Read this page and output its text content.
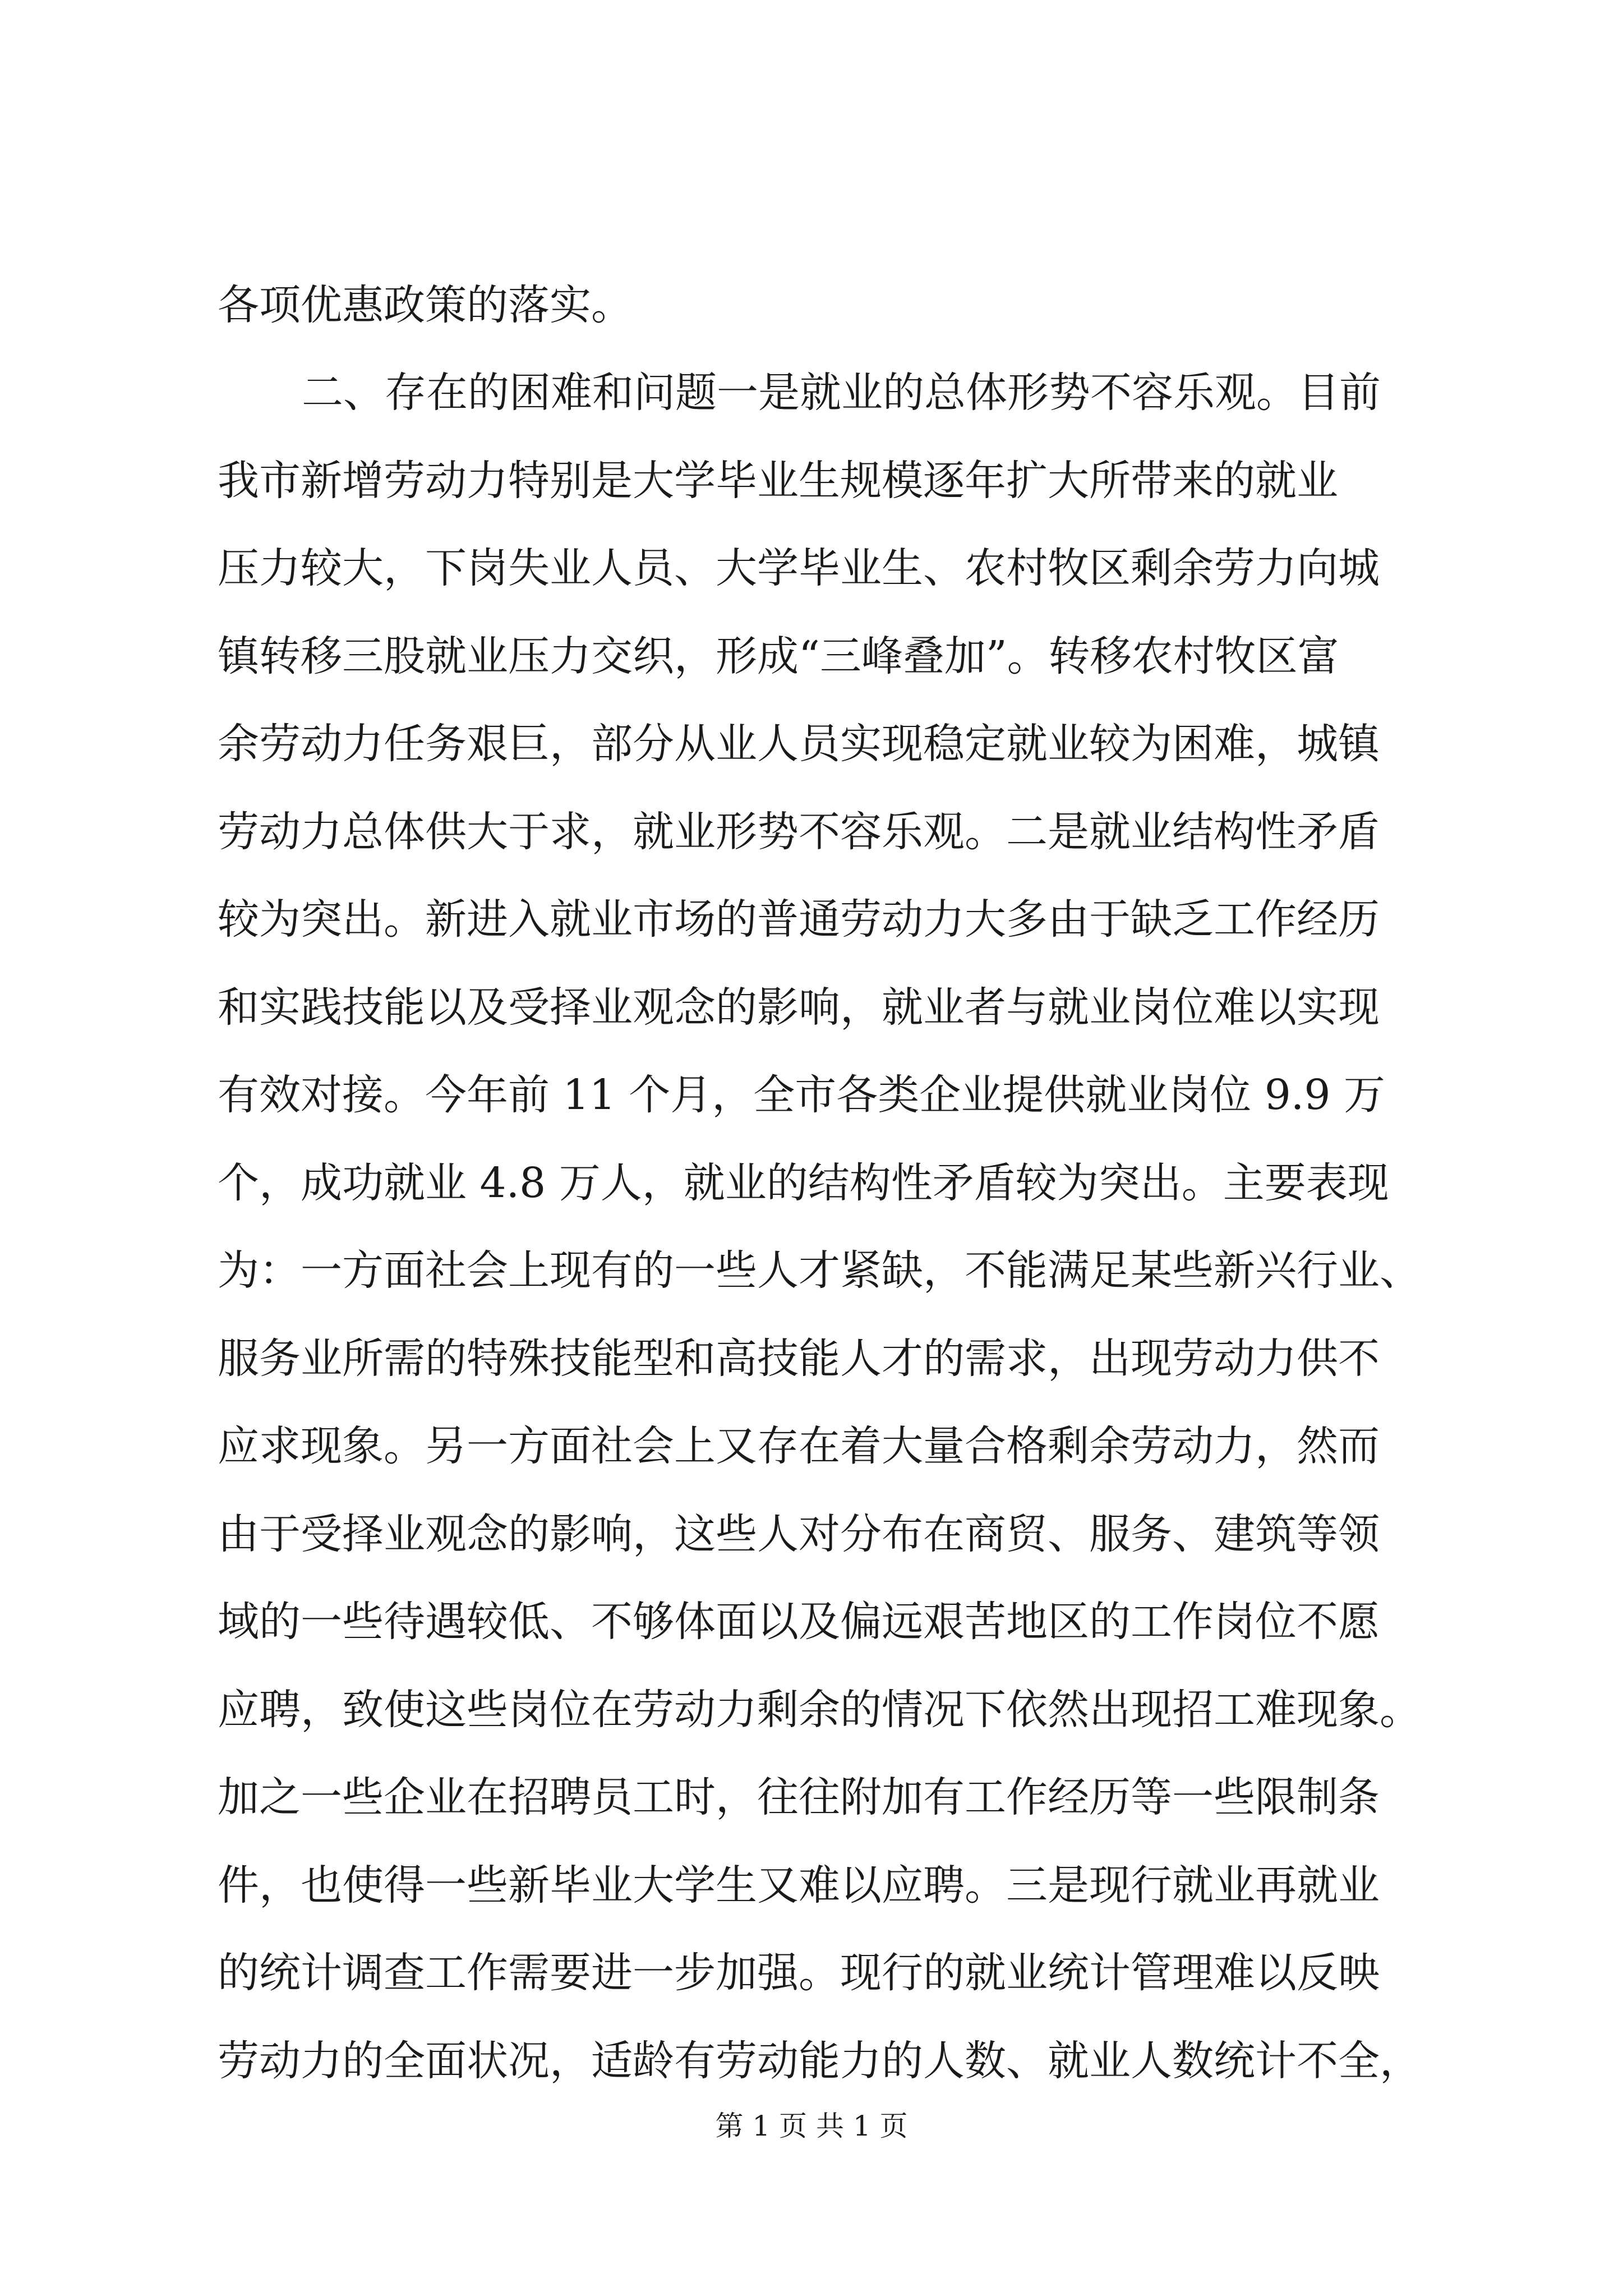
各项优惠政策的落实。
二、存在的困难和问题一是就业的总体形势不容乐观。目前
我市新增劳动力特别是大学毕业生规模逐年扩大所带来的就业
压力较大，下岗失业人员、大学毕业生、农村牧区剩余劳力向城
镇转移三股就业压力交织，形成“三峰叠加”。转移农村牧区富
余劳动力任务艰巨，部分从业人员实现稳定就业较为困难，城镇
劳动力总体供大于求，就业形势不容乐观。二是就业结构性矛盾
较为突出。新进入就业市场的普通劳动力大多由于缺乏工作经历
和实践技能以及受择业观念的影响，就业者与就业岗位难以实现
有效对接。今年前 11 个月，全市各类企业提供就业岗位 9.9 万
个，成功就业 4.8 万人，就业的结构性矛盾较为突出。主要表现
为：一方面社会上现有的一些人才紧缺，不能满足某些新兴行业、
服务业所需的特殊技能型和高技能人才的需求，出现劳动力供不
应求现象。另一方面社会上又存在着大量合格剩余劳动力，然而
由于受择业观念的影响，这些人对分布在商贸、服务、建筑等领
域的一些待遇较低、不够体面以及偏远艰苦地区的工作岗位不愿
应聘，致使这些岗位在劳动力剩余的情况下依然出现招工难现象。
加之一些企业在招聘员工时，往往附加有工作经历等一些限制条
件，也使得一些新毕业大学生又难以应聘。三是现行就业再就业
的统计调查工作需要进一步加强。现行的就业统计管理难以反映
劳动力的全面状况，适龄有劳动能力的人数、就业人数统计不全，
第 1 页 共 1 页
